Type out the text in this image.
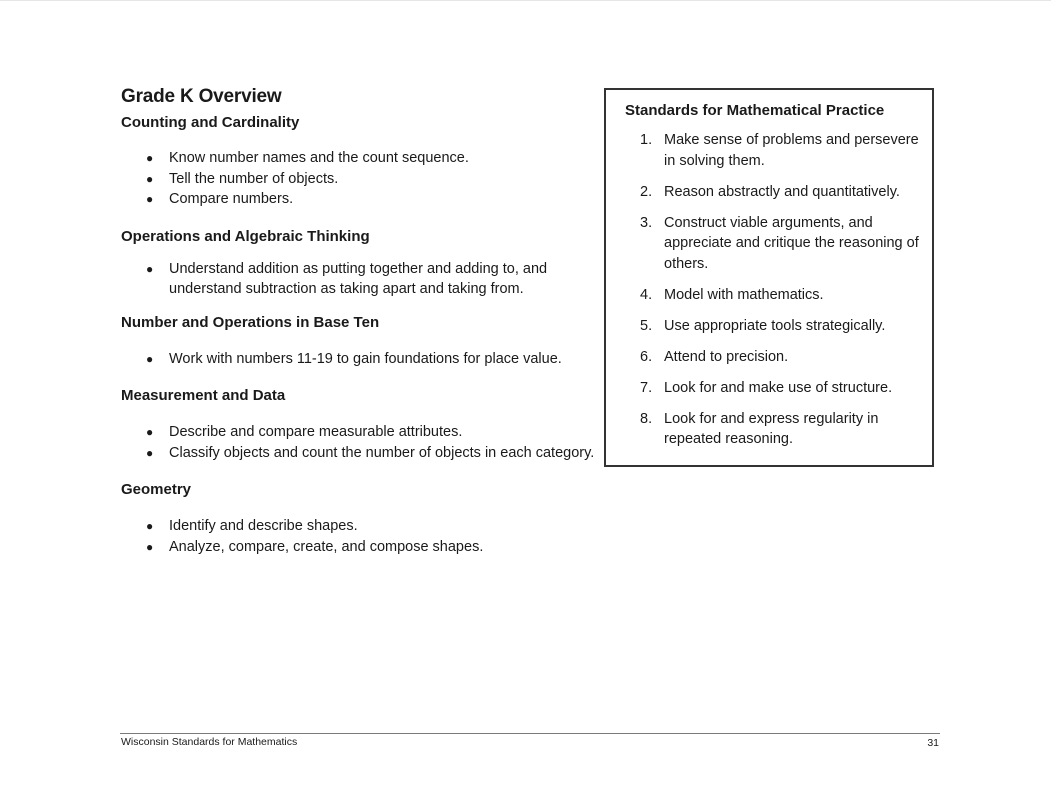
Grade K Overview
Counting and Cardinality
● Know number names and the count sequence.
● Tell the number of objects.
● Compare numbers.
Operations and Algebraic Thinking
● Understand addition as putting together and adding to, and
understand subtraction as taking apart and taking from.
Number and Operations in Base Ten
● Work with numbers 11-19 to gain foundations for place value.
Measurement and Data
● Describe and compare measurable attributes.
● Classify objects and count the number of objects in each category.
Geometry
● Identify and describe shapes.
● Analyze, compare, create, and compose shapes.
Standards for Mathematical Practice
1. Make sense of problems and persevere
in solving them.
2. Reason abstractly and quantitatively.
3. Construct viable arguments, and
appreciate and critique the reasoning of
others.
4. Model with mathematics.
5. Use appropriate tools strategically.
6. Attend to precision.
7. Look for and make use of structure.
8. Look for and express regularity in
repeated reasoning.
Wisconsin Standards for Mathematics	31
